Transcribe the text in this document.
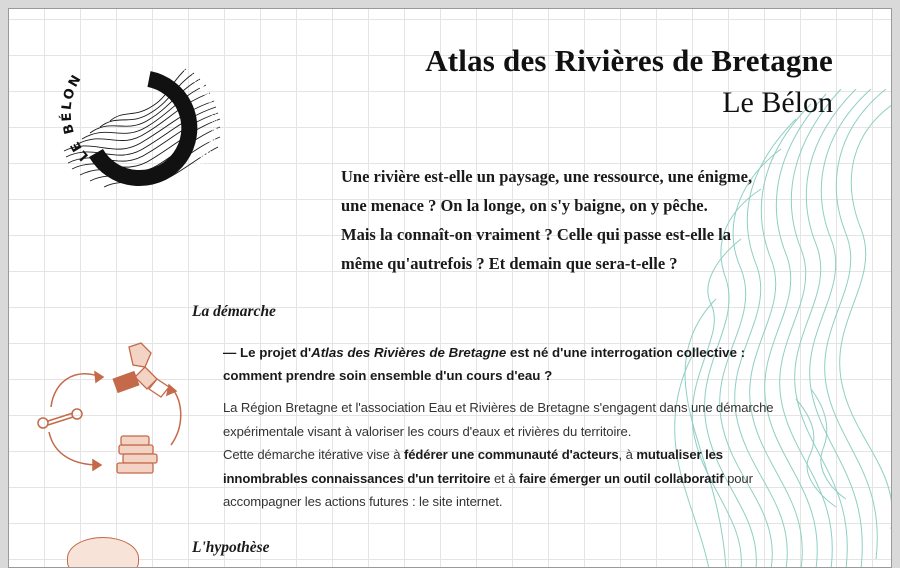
LE BÉLON
atlas des rivières de Bretagne
Atlas des Rivières de Bretagne
Le Bélon
Une rivière est-elle un paysage, une ressource, une énigme,
une menace ? On la longe, on s'y baigne, on y pêche.
Mais la connaît-on vraiment ? Celle qui passe est-elle la
même qu'autrefois ? Et demain que sera-t-elle ?
La démarche
— Le projet d'Atlas des Rivières de Bretagne est né d'une interrogation collective :
comment prendre soin ensemble d'un cours d'eau ?
La Région Bretagne et l'association Eau et Rivières de Bretagne s'engagent dans une démarche expérimentale visant à valoriser les cours d'eaux et rivières du territoire.
Cette démarche itérative vise à fédérer une communauté d'acteurs, à mutualiser les innombrables connaissances d'un territoire et à faire émerger un outil collaboratif pour accompagner les actions futures : le site internet.
L'hypothèse
